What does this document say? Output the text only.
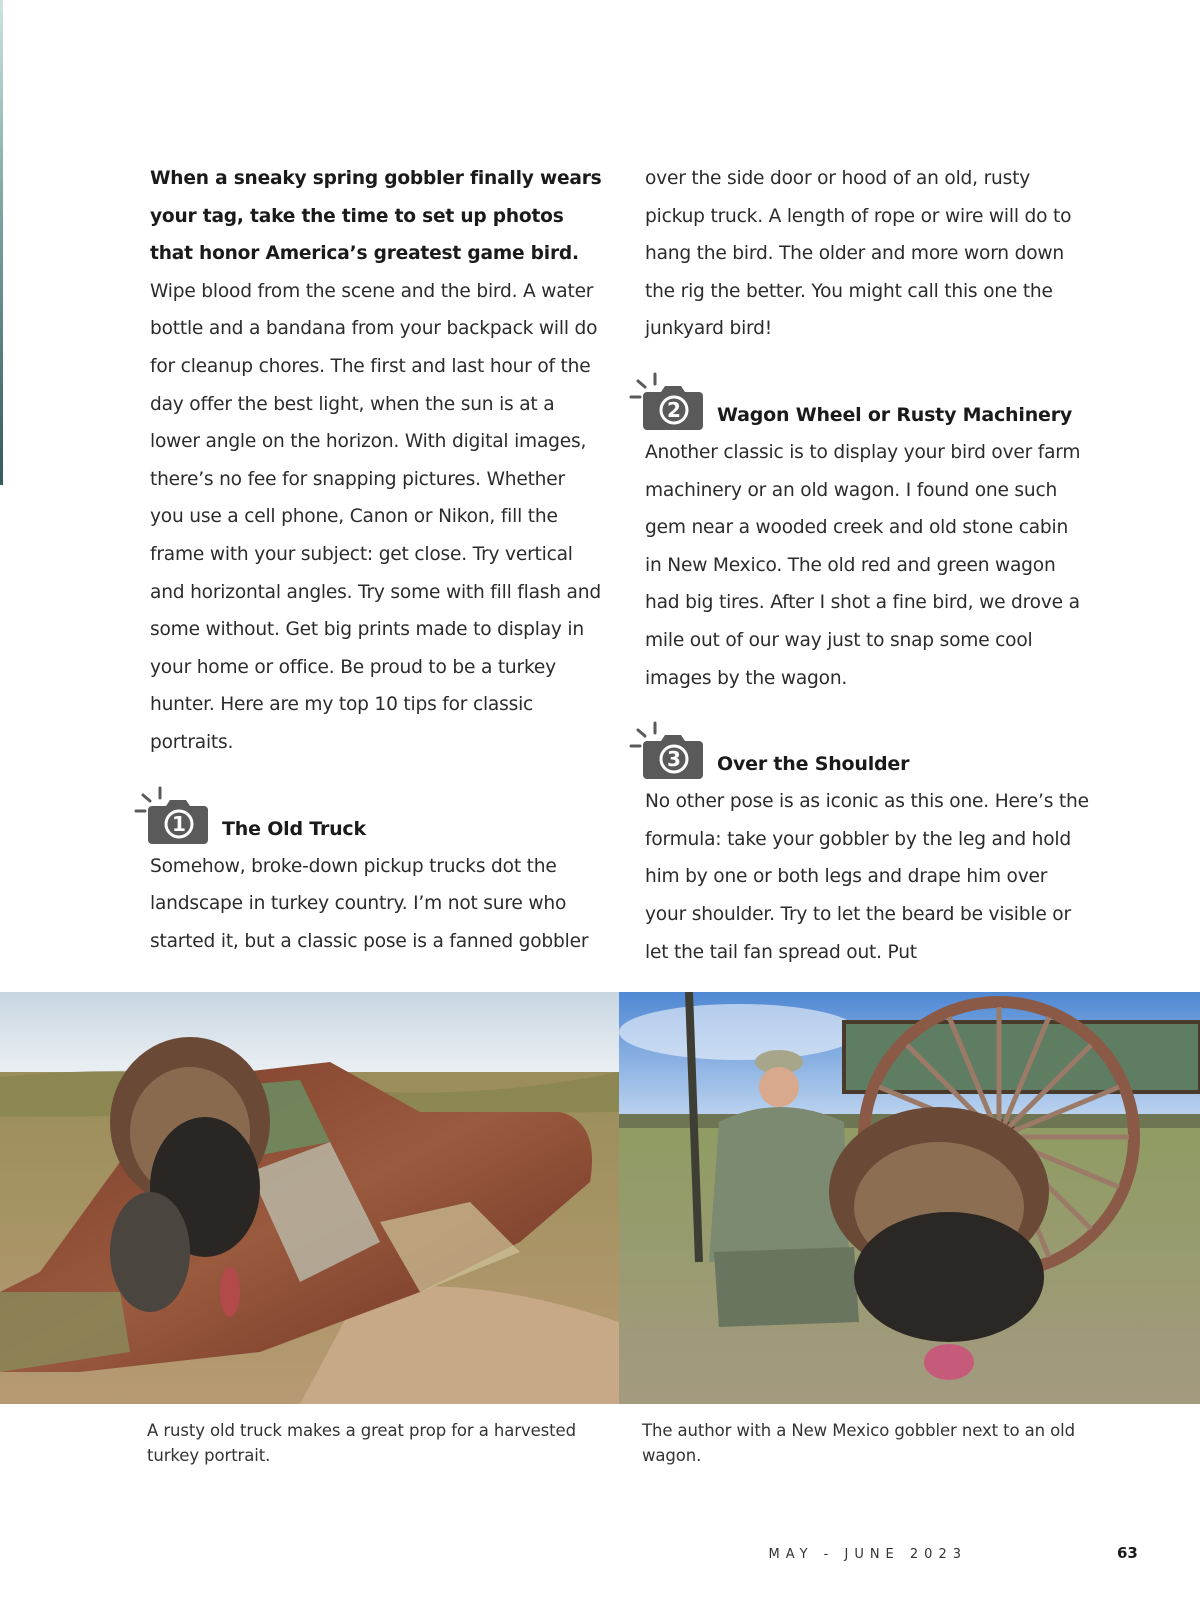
When a sneaky spring gobbler finally wears your tag, take the time to set up photos that honor America’s greatest game bird. Wipe blood from the scene and the bird. A water bottle and a bandana from your backpack will do for cleanup chores. The first and last hour of the day offer the best light, when the sun is at a lower angle on the horizon. With digital images, there’s no fee for snapping pictures. Whether you use a cell phone, Canon or Nikon, fill the frame with your subject: get close. Try vertical and horizontal angles. Try some with fill flash and some without. Get big prints made to display in your home or office. Be proud to be a turkey hunter. Here are my top 10 tips for classic portraits.

1 The Old Truck

Somehow, broke-down pickup trucks dot the landscape in turkey country. I’m not sure who started it, but a classic pose is a fanned gobbler

over the side door or hood of an old, rusty pickup truck. A length of rope or wire will do to hang the bird. The older and more worn down the rig the better. You might call this one the junkyard bird!

2 Wagon Wheel or Rusty Machinery

Another classic is to display your bird over farm machinery or an old wagon. I found one such gem near a wooded creek and old stone cabin in New Mexico. The old red and green wagon had big tires. After I shot a fine bird, we drove a mile out of our way just to snap some cool images by the wagon.

3 Over the Shoulder

No other pose is as iconic as this one. Here’s the formula: take your gobbler by the leg and hold him by one or both legs and drape him over your shoulder. Try to let the beard be visible or let the tail fan spread out. Put

A rusty old truck makes a great prop for a harvested turkey portrait.
The author with a New Mexico gobbler next to an old wagon.
MAY - JUNE 2023	63
